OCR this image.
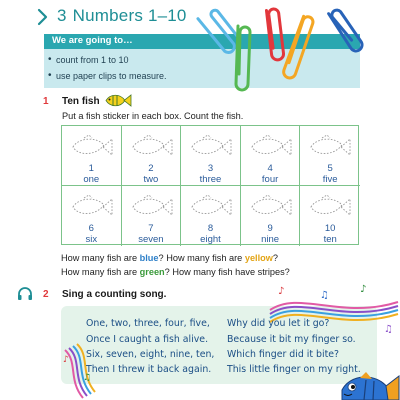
3 Numbers 1–10
We are going to…
• count from 1 to 10
• use paper clips to measure.
1 Ten fish
Put a fish sticker in each box. Count the fish.
1
one
2
two
3
three
4
four
5
five
6
six
7
seven
8
eight
9
nine
10
ten
How many fish are blue? How many fish are yellow?
How many fish are green? How many fish have stripes?
2 Sing a counting song.
♪
♫
♪	♫
♪
♫
One, two, three, four, five,
Once I caught a fish alive.
Six, seven, eight, nine, ten,
Then I threw it back again.
Why did you let it go?
Because it bit my finger so.
Which finger did it bite?
This little finger on my right.
